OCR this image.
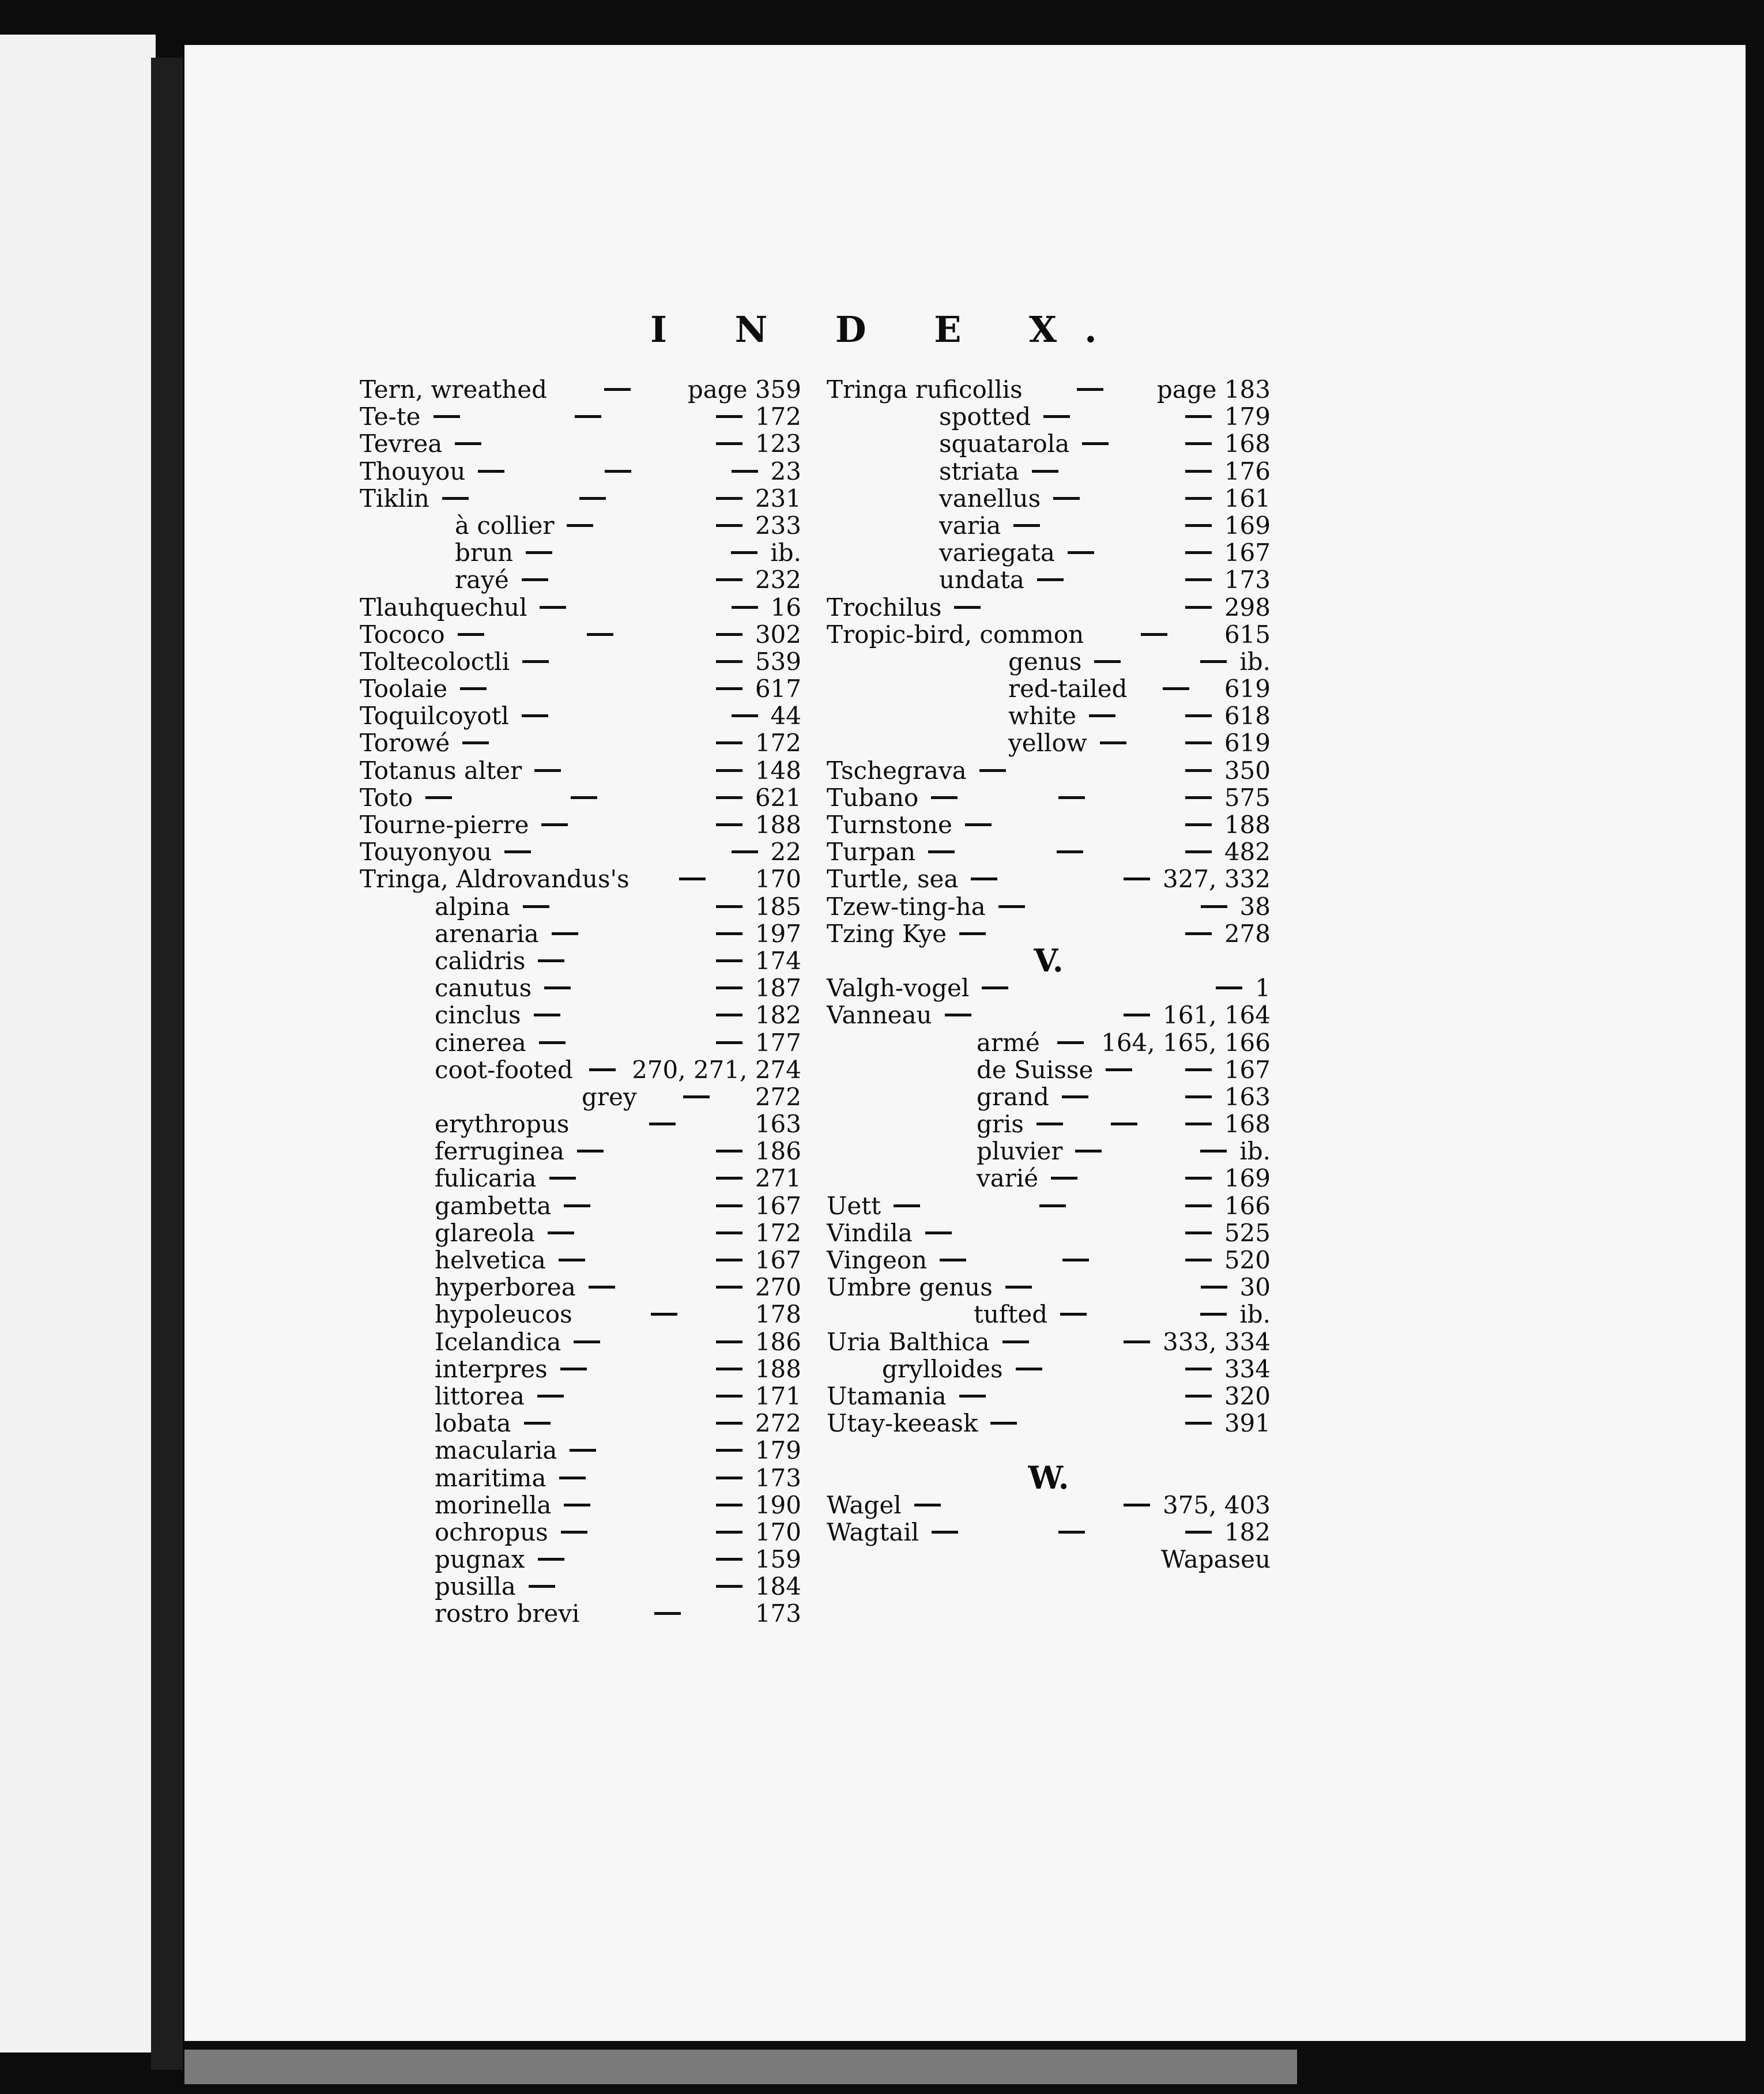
I N D E X.
Tern, wreathed	page 359
Te-te	172
Tevrea	123
Thouyou	23
Tiklin	231
à collier	233
brun	ib.
rayé	232
Tlauhquechul	16
Tococo	302
Toltecoloctli	539
Toolaie	617
Toquilcoyotl	44
Torowé	172
Totanus alter	148
Toto	621
Tourne-pierre	188
Touyonyou	22
Tringa, Aldrovandus's	170
alpina	185
arenaria	197
calidris	174
canutus	187
cinclus	182
cinerea	177
coot-footed 270, 271, 274
grey	272
erythropus	163
ferruginea	186
fulicaria	271
gambetta	167
glareola	172
helvetica	167
hyperborea	270
hypoleucos	178
Icelandica	186
interpres	188
littorea	171
lobata	272
macularia	179
maritima	173
morinella	190
ochropus	170
pugnax	159
pusilla	184
rostro brevi	173
Tringa ruficollis	page 183
spotted	179
squatarola	168
striata	176
vanellus	161
varia	169
variegata	167
undata	173
Trochilus	298
Tropic-bird, common	615
genus	ib.
red-tailed	619
white	618
yellow	619
Tschegrava	350
Tubano	575
Turnstone	188
Turpan	482
Turtle, sea	327, 332
Tzew-ting-ha	38
Tzing Kye	278
V.
Valgh-vogel	1
Vanneau	161, 164
armé	164, 165, 166
de Suisse	167
grand	163
gris	168
pluvier	ib.
varié	169
Uett	166
Vindila	525
Vingeon	520
Umbre genus	30
tufted	ib.
Uria Balthica	333, 334
grylloides	334
Utamania	320
Utay-keeask	391
W.
Wagel	375, 403
Wagtail	182
Wapaseu
